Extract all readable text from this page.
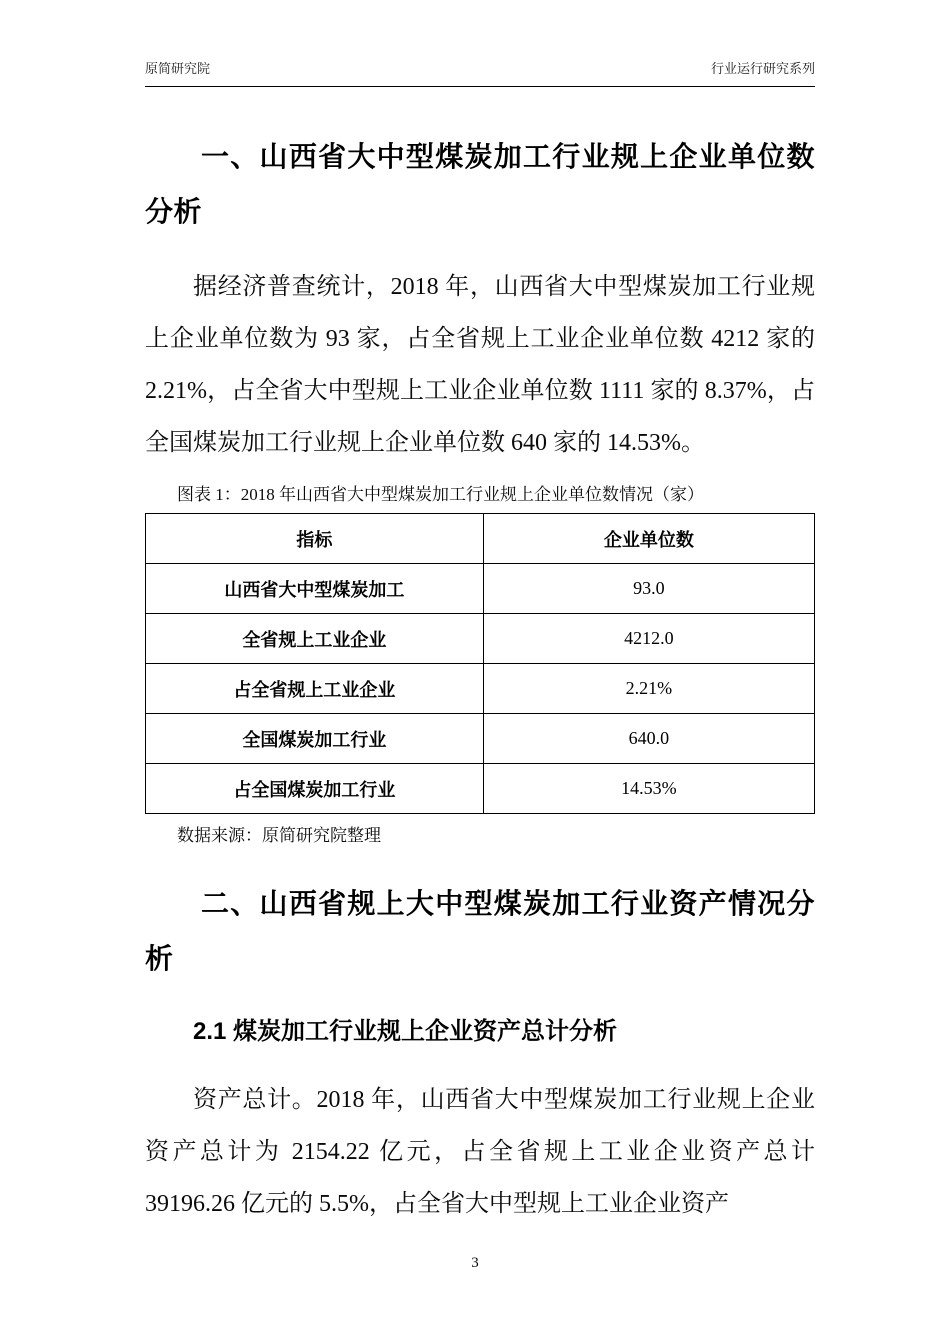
原简研究院	行业运行研究系列
一、山西省大中型煤炭加工行业规上企业单位数分析
据经济普查统计，2018 年，山西省大中型煤炭加工行业规上企业单位数为 93 家，占全省规上工业企业单位数 4212 家的 2.21%，占全省大中型规上工业企业单位数 1111 家的 8.37%，占全国煤炭加工行业规上企业单位数 640 家的 14.53%。
图表 1：2018 年山西省大中型煤炭加工行业规上企业单位数情况（家）
指标	企业单位数
山西省大中型煤炭加工	93.0
全省规上工业企业	4212.0
占全省规上工业企业	2.21%
全国煤炭加工行业	640.0
占全国煤炭加工行业	14.53%
数据来源：原简研究院整理
二、山西省规上大中型煤炭加工行业资产情况分析
2.1 煤炭加工行业规上企业资产总计分析
资产总计。2018 年，山西省大中型煤炭加工行业规上企业资产总计为 2154.22 亿元，占全省规上工业企业资产总计 39196.26 亿元的 5.5%，占全省大中型规上工业企业资产
3
